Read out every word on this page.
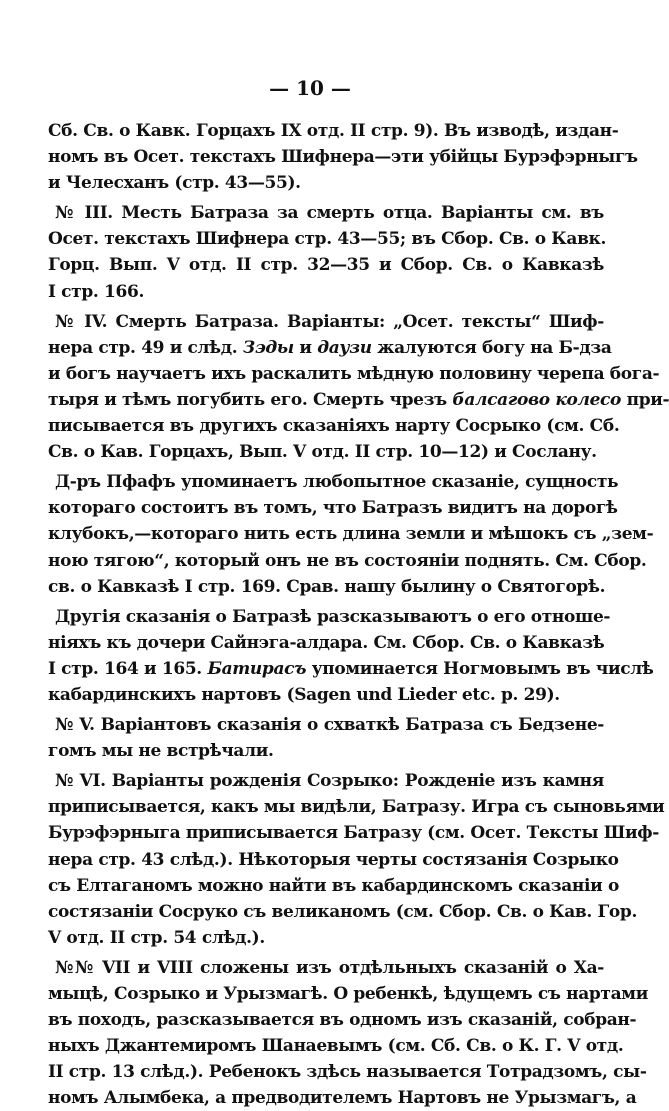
— 10 —
Сб. Св. о Кавк. Горцахъ IX отд. II стр. 9). Въ изводѣ, издан-
номъ въ Осет. текстахъ Шифнера—эти убійцы Бурэфэрныгъ
и Челесханъ (стр. 43—55).
№ III. Месть Батраза за смерть отца. Варіанты см. въ
Осет. текстахъ Шифнера стр. 43—55; въ Сбор. Св. о Кавк.
Горц. Вып. V отд. II стр. 32—35 и Сбор. Св. о Кавказѣ
I стр. 166.
№ IV. Смерть Батраза. Варіанты: „Осет. тексты“ Шиф-
нера стр. 49 и слѣд. Зэды и даузи жалуются богу на Б-дза
и богъ научаетъ ихъ раскалить мѣдную половину черепа бога-
тыря и тѣмъ погубить его. Смерть чрезъ балсагово колесо при-
писывается въ другихъ сказаніяхъ нарту Сосрыко (см. Сб.
Св. о Кав. Горцахъ, Вып. V отд. II стр. 10—12) и Сослану.
Д-ръ Пфафъ упоминаетъ любопытное сказаніе, сущность
котораго состоитъ въ томъ, что Батразъ видитъ на дорогѣ
клубокъ,—котораго нить есть длина земли и мѣшокъ съ „зем-
ною тягою“, который онъ не въ состояніи поднять. См. Сбор.
св. о Кавказѣ I стр. 169. Срав. нашу былину о Святогорѣ.
Другія сказанія о Батразѣ разсказываютъ о его отноше-
ніяхъ къ дочери Сайнэга-алдара. См. Сбор. Св. о Кавказѣ
I стр. 164 и 165. Батирасъ упоминается Ногмовымъ въ числѣ
кабардинскихъ нартовъ (Sagen und Lieder etc. p. 29).
№ V. Варіантовъ сказанія о схваткѣ Батраза съ Бедзене-
гомъ мы не встрѣчали.
№ VI. Варіанты рожденія Созрыко: Рожденіе изъ камня
приписывается, какъ мы видѣли, Батразу. Игра съ сыновьями
Бурэфэрныга приписывается Батразу (см. Осет. Тексты Шиф-
нера стр. 43 слѣд.). Нѣкоторыя черты состязанія Созрыко
съ Елтаганомъ можно найти въ кабардинскомъ сказаніи о
состязаніи Сосруко съ великаномъ (см. Сбор. Св. о Кав. Гор.
V отд. II стр. 54 слѣд.).
№№ VII и VIII сложены изъ отдѣльныхъ сказаній о Ха-
мыцѣ, Созрыко и Урызмагѣ. О ребенкѣ, ѣдущемъ съ нартами
въ походъ, разсказывается въ одномъ изъ сказаній, собран-
ныхъ Джантемиромъ Шанаевымъ (см. Сб. Св. о К. Г. V отд.
II стр. 13 слѣд.). Ребенокъ здѣсь называется Тотрадзомъ, сы-
номъ Алымбека, а предводителемъ Нартовъ не Урызмагъ, а
